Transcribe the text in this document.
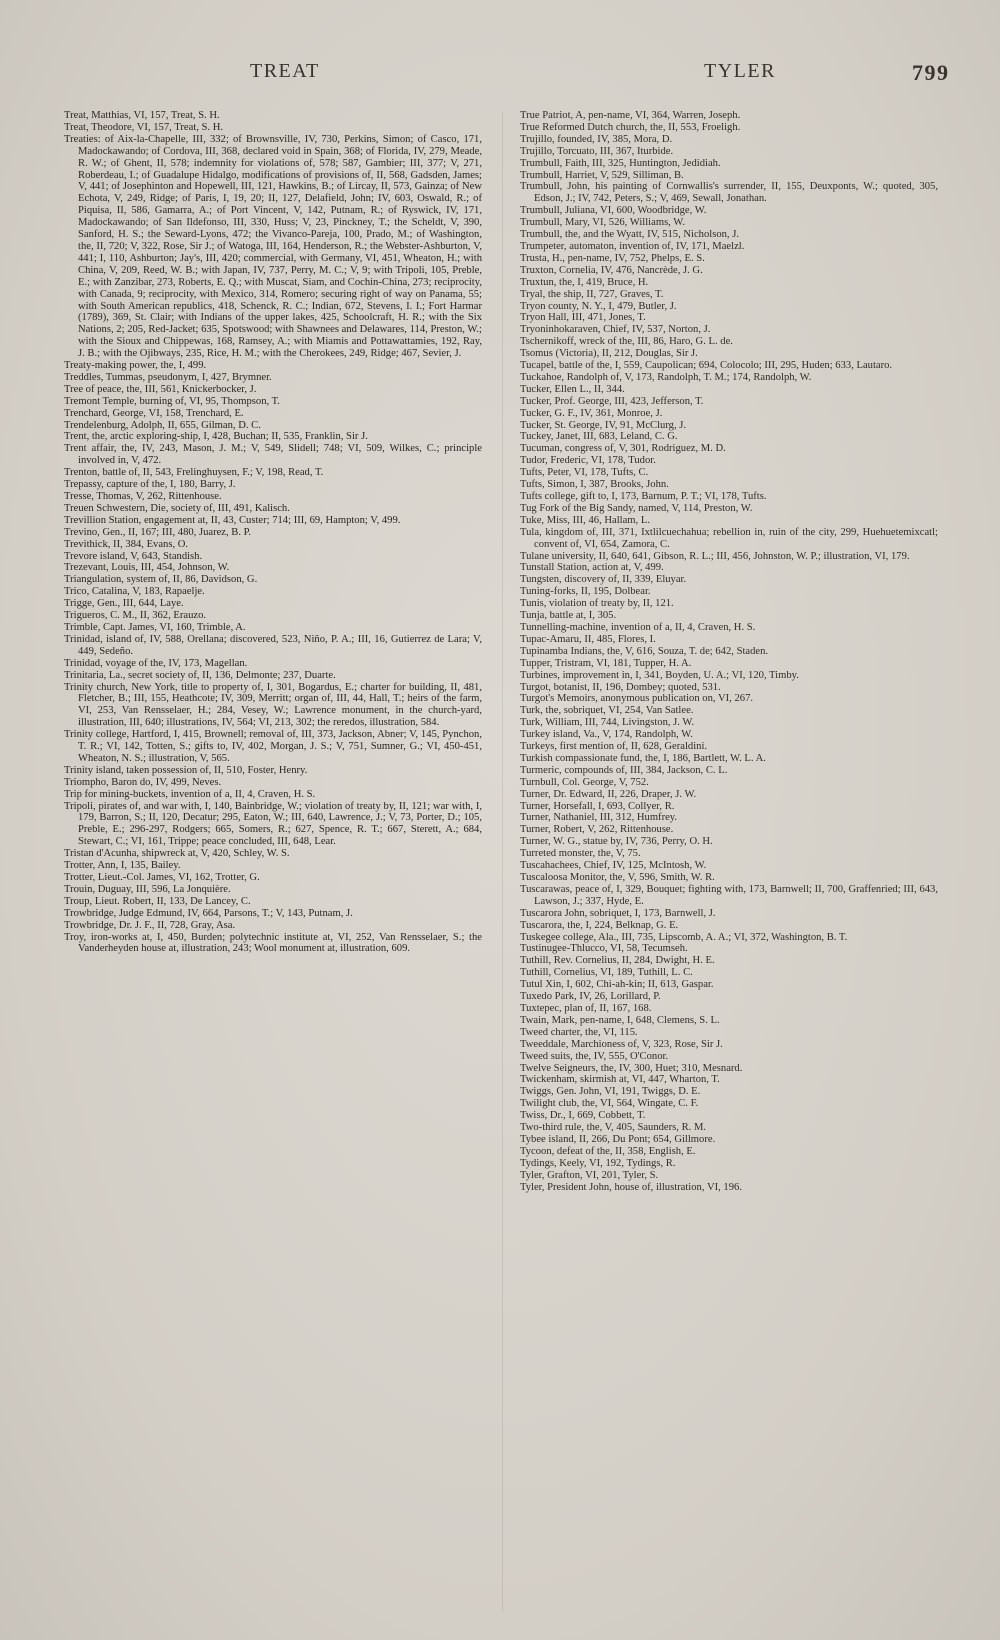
TREAT	TYLER	799

Treat, Matthias, VI, 157, Treat, S. H.

Treat, Theodore, VI, 157, Treat, S. H.

Treaties: of Aix-la-Chapelle, III, 332; of Brownsville, IV, 730, Perkins, Simon; of Casco, 171, Madockawando; of Cordova, III, 368, declared void in Spain, 368; of Florida, IV, 279, Meade, R. W.; of Ghent, II, 578; indemnity for violations of, 578; 587, Gambier; III, 377; V, 271, Roberdeau, I.; of Guadalupe Hidalgo, modifications of provisions of, II, 568, Gadsden, James; V, 441; of Josephinton and Hopewell, III, 121, Hawkins, B.; of Lircay, II, 573, Gainza; of New Echota, V, 249, Ridge; of Paris, I, 19, 20; II, 127, Delafield, John; IV, 603, Oswald, R.; of Piquisa, II, 586, Gamarra, A.; of Port Vincent, V, 142, Putnam, R.; of Ryswick, IV, 171, Madockawando; of San Ildefonso, III, 330, Huss; V, 23, Pinckney, T.; the Scheldt, V, 390, Sanford, H. S.; the Seward-Lyons, 472; the Vivanco-Pareja, 100, Prado, M.; of Washington, the, II, 720; V, 322, Rose, Sir J.; of Watoga, III, 164, Henderson, R.; the Webster-Ashburton, V, 441; I, 110, Ashburton; Jay's, III, 420; commercial, with Germany, VI, 451, Wheaton, H.; with China, V, 209, Reed, W. B.; with Japan, IV, 737, Perry, M. C.; V, 9; with Tripoli, 105, Preble, E.; with Zanzibar, 273, Roberts, E. Q.; with Muscat, Siam, and Cochin-China, 273; reciprocity, with Canada, 9; reciprocity, with Mexico, 314, Romero; securing right of way on Panama, 55; with South American republics, 418, Schenck, R. C.; Indian, 672, Stevens, I. I.; Fort Harmar (1789), 369, St. Clair; with Indians of the upper lakes, 425, Schoolcraft, H. R.; with the Six Nations, 2; 205, Red-Jacket; 635, Spotswood; with Shawnees and Delawares, 114, Preston, W.; with the Sioux and Chippewas, 168, Ramsey, A.; with Miamis and Pottawattamies, 192, Ray, J. B.; with the Ojibways, 235, Rice, H. M.; with the Cherokees, 249, Ridge; 467, Sevier, J.

Treaty-making power, the, I, 499.

Treddles, Tummas, pseudonym, I, 427, Brymner.

Tree of peace, the, III, 561, Knickerbocker, J.

Tremont Temple, burning of, VI, 95, Thompson, T.

Trenchard, George, VI, 158, Trenchard, E.

Trendelenburg, Adolph, II, 655, Gilman, D. C.

Trent, the, arctic exploring-ship, I, 428, Buchan; II, 535, Franklin, Sir J.

Trent affair, the, IV, 243, Mason, J. M.; V, 549, Slidell; 748; VI, 509, Wilkes, C.; principle involved in, V, 472.

Trenton, battle of, II, 543, Frelinghuysen, F.; V, 198, Read, T.

Trepassy, capture of the, I, 180, Barry, J.

Tresse, Thomas, V, 262, Rittenhouse.

Treuen Schwestern, Die, society of, III, 491, Kalisch.

Trevillion Station, engagement at, II, 43, Custer; 714; III, 69, Hampton; V, 499.

Trevino, Gen., II, 167; III, 480, Juarez, B. P.

Trevithick, II, 384, Evans, O.

Trevore island, V, 643, Standish.

Trezevant, Louis, III, 454, Johnson, W.

Triangulation, system of, II, 86, Davidson, G.

Trico, Catalina, V, 183, Rapaelje.

Trigge, Gen., III, 644, Laye.

Trigueros, C. M., II, 362, Erauzo.

Trimble, Capt. James, VI, 160, Trimble, A.

Trinidad, island of, IV, 588, Orellana; discovered, 523, Niño, P. A.; III, 16, Gutierrez de Lara; V, 449, Sedeño.

Trinidad, voyage of the, IV, 173, Magellan.

Trinitaria, La., secret society of, II, 136, Delmonte; 237, Duarte.

Trinity church, New York, title to property of, I, 301, Bogardus, E.; charter for building, II, 481, Fletcher, B.; III, 155, Heathcote; IV, 309, Merritt; organ of, III, 44, Hall, T.; heirs of the farm, VI, 253, Van Rensselaer, H.; 284, Vesey, W.; Lawrence monument, in the church-yard, illustration, III, 640; illustrations, IV, 564; VI, 213, 302; the reredos, illustration, 584.

Trinity college, Hartford, I, 415, Brownell; removal of, III, 373, Jackson, Abner; V, 145, Pynchon, T. R.; VI, 142, Totten, S.; gifts to, IV, 402, Morgan, J. S.; V, 751, Sumner, G.; VI, 450-451, Wheaton, N. S.; illustration, V, 565.

Trinity island, taken possession of, II, 510, Foster, Henry.

Triompho, Baron do, IV, 499, Neves.

Trip for mining-buckets, invention of a, II, 4, Craven, H. S.

Tripoli, pirates of, and war with, I, 140, Bainbridge, W.; violation of treaty by, II, 121; war with, I, 179, Barron, S.; II, 120, Decatur; 295, Eaton, W.; III, 640, Lawrence, J.; V, 73, Porter, D.; 105, Preble, E.; 296-297, Rodgers; 665, Somers, R.; 627, Spence, R. T.; 667, Sterett, A.; 684, Stewart, C.; VI, 161, Trippe; peace concluded, III, 648, Lear.

Tristan d'Acunha, shipwreck at, V, 420, Schley, W. S.

Trotter, Ann, I, 135, Bailey.

Trotter, Lieut.-Col. James, VI, 162, Trotter, G.

Trouin, Duguay, III, 596, La Jonquière.

Troup, Lieut. Robert, II, 133, De Lancey, C.

Trowbridge, Judge Edmund, IV, 664, Parsons, T.; V, 143, Putnam, J.

Trowbridge, Dr. J. F., II, 728, Gray, Asa.

Troy, iron-works at, I, 450, Burden; polytechnic institute at, VI, 252, Van Rensselaer, S.; the Vanderheyden house at, illustration, 243; Wool monument at, illustration, 609.

True Patriot, A, pen-name, VI, 364, Warren, Joseph.

True Reformed Dutch church, the, II, 553, Froeligh.

Trujillo, founded, IV, 385, Mora, D.

Trujillo, Torcuato, III, 367, Iturbide.

Trumbull, Faith, III, 325, Huntington, Jedidiah.

Trumbull, Harriet, V, 529, Silliman, B.

Trumbull, John, his painting of Cornwallis's surrender, II, 155, Deuxponts, W.; quoted, 305, Edson, J.; IV, 742, Peters, S.; V, 469, Sewall, Jonathan.

Trumbull, Juliana, VI, 600, Woodbridge, W.

Trumbull, Mary, VI, 526, Williams, W.

Trumbull, the, and the Wyatt, IV, 515, Nicholson, J.

Trumpeter, automaton, invention of, IV, 171, Maelzl.

Trusta, H., pen-name, IV, 752, Phelps, E. S.

Truxton, Cornelia, IV, 476, Nancrède, J. G.

Truxtun, the, I, 419, Bruce, H.

Tryal, the ship, II, 727, Graves, T.

Tryon county, N. Y., I, 479, Butler, J.

Tryon Hall, III, 471, Jones, T.

Tryoninhokaraven, Chief, IV, 537, Norton, J.

Tschernikoff, wreck of the, III, 86, Haro, G. L. de.

Tsomus (Victoria), II, 212, Douglas, Sir J.

Tucapel, battle of the, I, 559, Caupolican; 694, Colocolo; III, 295, Huden; 633, Lautaro.

Tuckahoe, Randolph of, V, 173, Randolph, T. M.; 174, Randolph, W.

Tucker, Ellen L., II, 344.

Tucker, Prof. George, III, 423, Jefferson, T.

Tucker, G. F., IV, 361, Monroe, J.

Tucker, St. George, IV, 91, McClurg, J.

Tuckey, Janet, III, 683, Leland, C. G.

Tucuman, congress of, V, 301, Rodriguez, M. D.

Tudor, Frederic, VI, 178, Tudor.

Tufts, Peter, VI, 178, Tufts, C.

Tufts, Simon, I, 387, Brooks, John.

Tufts college, gift to, I, 173, Barnum, P. T.; VI, 178, Tufts.

Tug Fork of the Big Sandy, named, V, 114, Preston, W.

Tuke, Miss, III, 46, Hallam, L.

Tula, kingdom of, III, 371, Ixtlilcuechahua; rebellion in, ruin of the city, 299, Huehuetemixcatl; convent of, VI, 654, Zamora, C.

Tulane university, II, 640, 641, Gibson, R. L.; III, 456, Johnston, W. P.; illustration, VI, 179.

Tunstall Station, action at, V, 499.

Tungsten, discovery of, II, 339, Eluyar.

Tuning-forks, II, 195, Dolbear.

Tunis, violation of treaty by, II, 121.

Tunja, battle at, I, 305.

Tunnelling-machine, invention of a, II, 4, Craven, H. S.

Tupac-Amaru, II, 485, Flores, I.

Tupinamba Indians, the, V, 616, Souza, T. de; 642, Staden.

Tupper, Tristram, VI, 181, Tupper, H. A.

Turbines, improvement in, I, 341, Boyden, U. A.; VI, 120, Timby.

Turgot, botanist, II, 196, Dombey; quoted, 531.

Turgot's Memoirs, anonymous publication on, VI, 267.

Turk, the, sobriquet, VI, 254, Van Satlee.

Turk, William, III, 744, Livingston, J. W.

Turkey island, Va., V, 174, Randolph, W.

Turkeys, first mention of, II, 628, Geraldini.

Turkish compassionate fund, the, I, 186, Bartlett, W. L. A.

Turmeric, compounds of, III, 384, Jackson, C. L.

Turnbull, Col. George, V, 752.

Turner, Dr. Edward, II, 226, Draper, J. W.

Turner, Horsefall, I, 693, Collyer, R.

Turner, Nathaniel, III, 312, Humfrey.

Turner, Robert, V, 262, Rittenhouse.

Turner, W. G., statue by, IV, 736, Perry, O. H.

Turreted monster, the, V, 75.

Tuscahachees, Chief, IV, 125, McIntosh, W.

Tuscaloosa Monitor, the, V, 596, Smith, W. R.

Tuscarawas, peace of, I, 329, Bouquet; fighting with, 173, Barnwell; II, 700, Graffenried; III, 643, Lawson, J.; 337, Hyde, E.

Tuscarora John, sobriquet, I, 173, Barnwell, J.

Tuscarora, the, I, 224, Belknap, G. E.

Tuskegee college, Ala., III, 735, Lipscomb, A. A.; VI, 372, Washington, B. T.

Tustinugee-Thlucco, VI, 58, Tecumseh.

Tuthill, Rev. Cornelius, II, 284, Dwight, H. E.

Tuthill, Cornelius, VI, 189, Tuthill, L. C.

Tutul Xin, I, 602, Chi-ah-kin; II, 613, Gaspar.

Tuxedo Park, IV, 26, Lorillard, P.

Tuxtepec, plan of, II, 167, 168.

Twain, Mark, pen-name, I, 648, Clemens, S. L.

Tweed charter, the, VI, 115.

Tweeddale, Marchioness of, V, 323, Rose, Sir J.

Tweed suits, the, IV, 555, O'Conor.

Twelve Seigneurs, the, IV, 300, Huet; 310, Mesnard.

Twickenham, skirmish at, VI, 447, Wharton, T.

Twiggs, Gen. John, VI, 191, Twiggs, D. E.

Twilight club, the, VI, 564, Wingate, C. F.

Twiss, Dr., I, 669, Cobbett, T.

Two-third rule, the, V, 405, Saunders, R. M.

Tybee island, II, 266, Du Pont; 654, Gillmore.

Tycoon, defeat of the, II, 358, English, E.

Tydings, Keely, VI, 192, Tydings, R.

Tyler, Grafton, VI, 201, Tyler, S.

Tyler, President John, house of, illustration, VI, 196.
